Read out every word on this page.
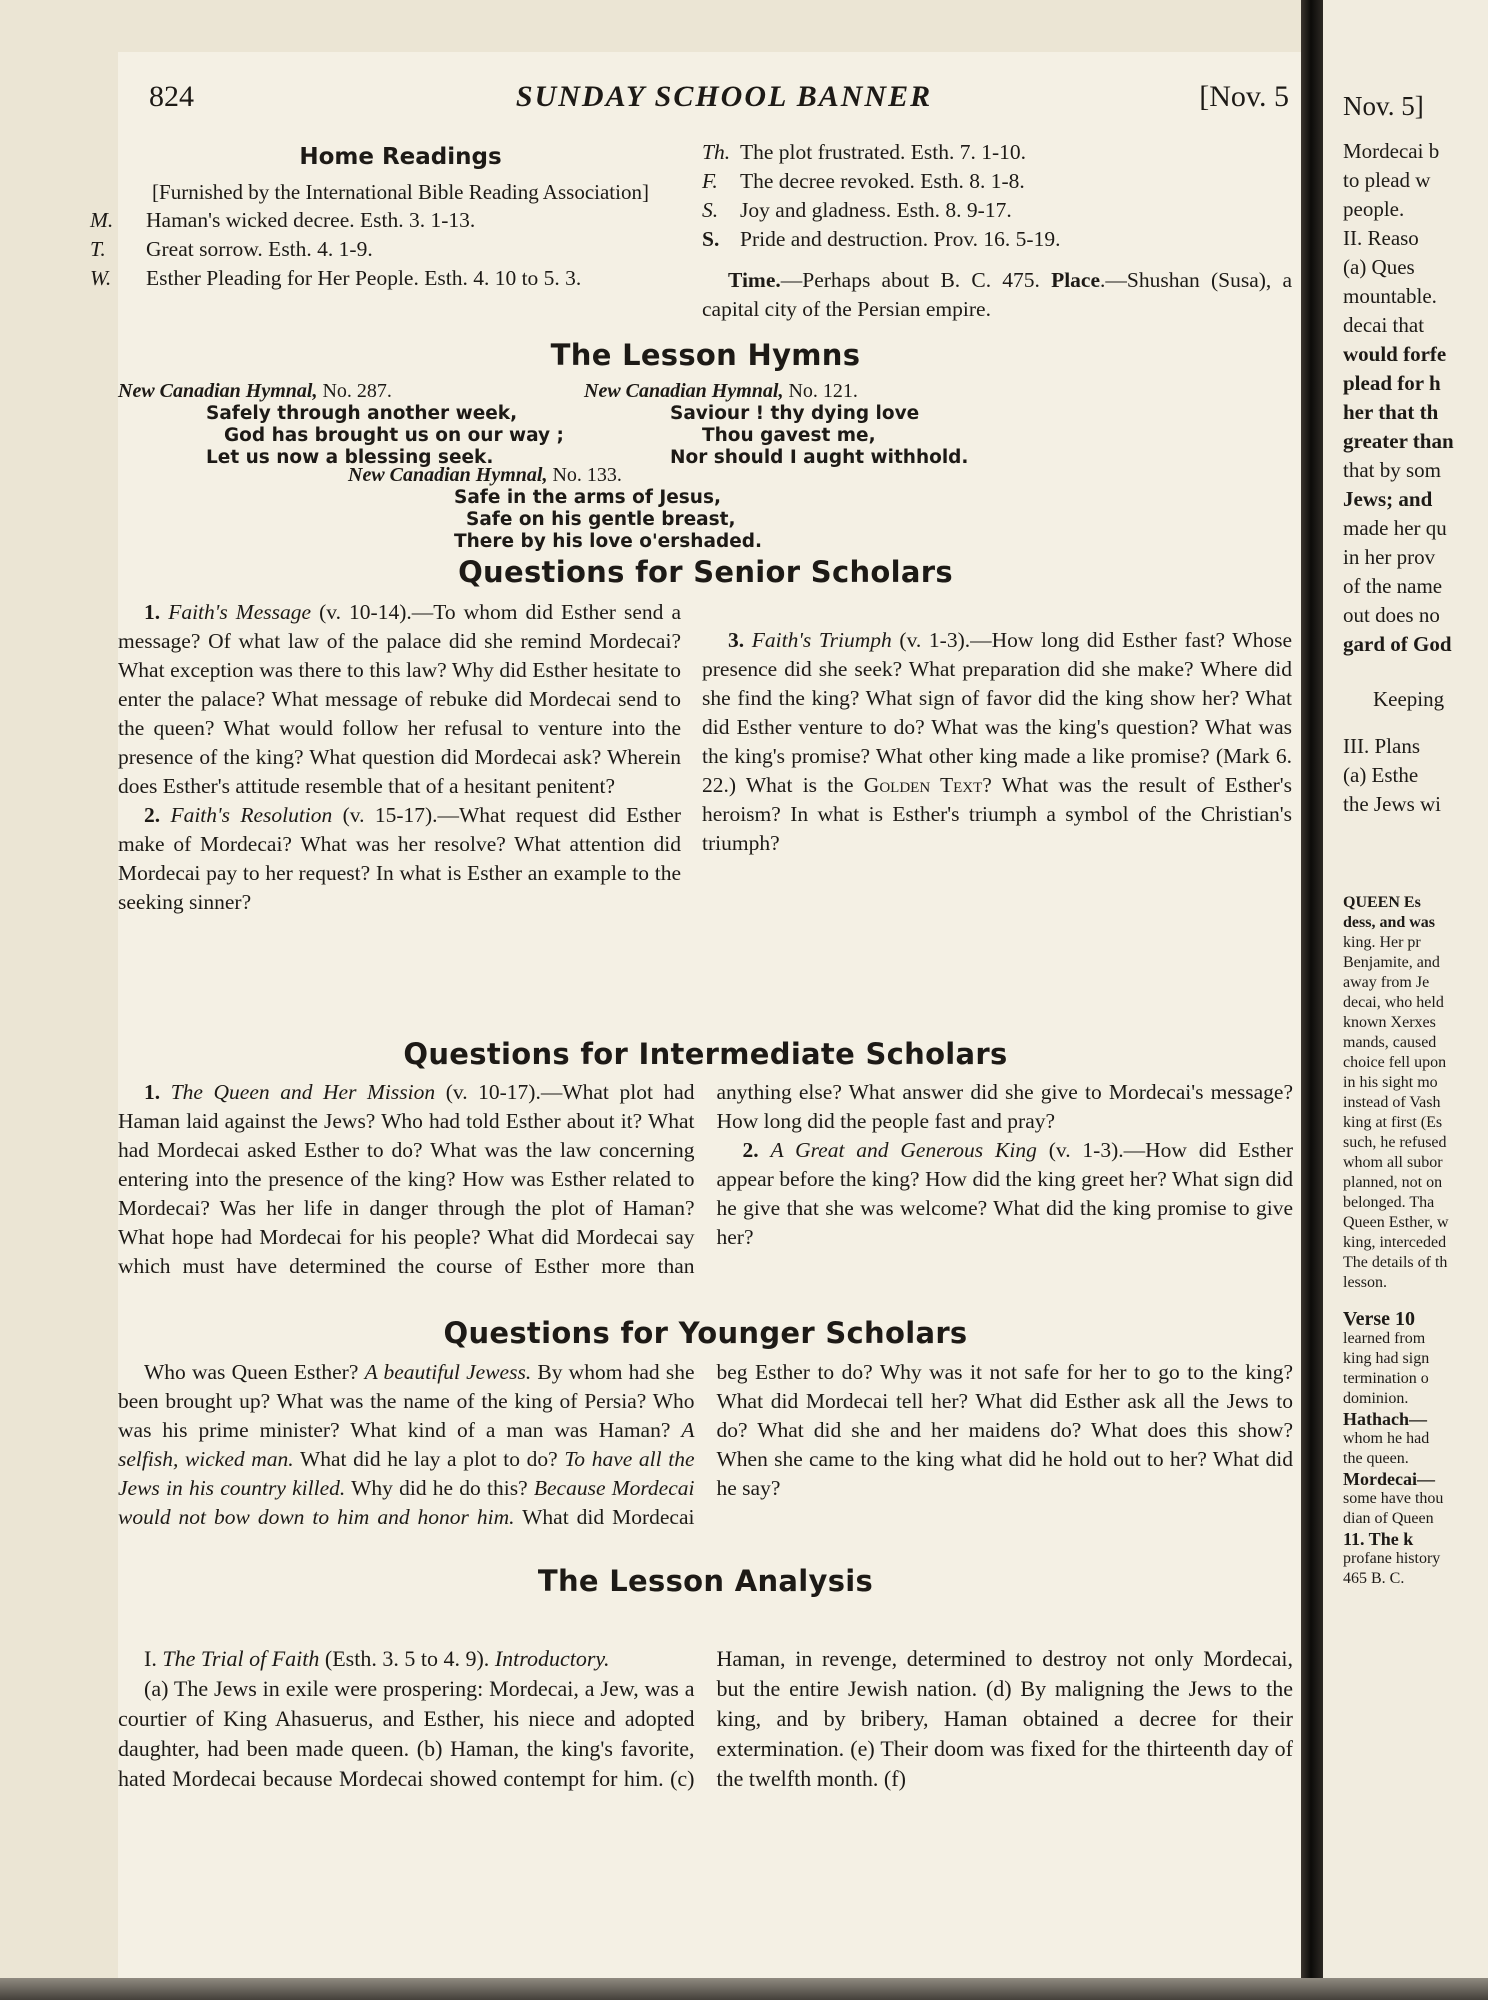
824	SUNDAY SCHOOL BANNER	[Nov. 5
Home Readings
[Furnished by the International Bible Reading Association]

M. Haman's wicked decree. Esth. 3. 1-13.

T. Great sorrow. Esth. 4. 1-9.

W. Esther Pleading for Her People. Esth. 4. 10 to 5. 3.

Th. The plot frustrated. Esth. 7. 1-10.

F. The decree revoked. Esth. 8. 1-8.

S. Joy and gladness. Esth. 8. 9-17.

S. Pride and destruction. Prov. 16. 5-19.

Time.—Perhaps about B. C. 475. Place.—Shushan (Susa), a capital city of the Persian empire.

The Lesson Hymns
New Canadian Hymnal, No. 287.
Safely through another week,
God has brought us on our way ;
Let us now a blessing seek.
New Canadian Hymnal, No. 121.
Saviour ! thy dying love
Thou gavest me,
Nor should I aught withhold.
New Canadian Hymnal, No. 133.
Safe in the arms of Jesus,
Safe on his gentle breast,
There by his love o'ershaded.
Questions for Senior Scholars

1. Faith's Message (v. 10-14).—To whom did Esther send a message? Of what law of the palace did she remind Mordecai? What exception was there to this law? Why did Esther hesitate to enter the palace? What message of rebuke did Mordecai send to the queen? What would follow her refusal to venture into the presence of the king? What question did Mordecai ask? Wherein does Esther's attitude resemble that of a hesitant penitent?

2. Faith's Resolution (v. 15-17).—What request did Esther make of Mordecai? What was her resolve? What attention did Mordecai pay to her request? In what is Esther an example to the seeking sinner?

3. Faith's Triumph (v. 1-3).—How long did Esther fast? Whose presence did she seek? What preparation did she make? Where did she find the king? What sign of favor did the king show her? What did Esther venture to do? What was the king's question? What was the king's promise? What other king made a like promise? (Mark 6. 22.) What is the Golden Text? What was the result of Esther's heroism? In what is Esther's triumph a symbol of the Christian's triumph?

Questions for Intermediate Scholars

1. The Queen and Her Mission (v. 10-17).—What plot had Haman laid against the Jews? Who had told Esther about it? What had Mordecai asked Esther to do? What was the law concerning entering into the presence of the king? How was Esther related to Mordecai? Was her life in danger through the plot of Haman? What hope had Mordecai for his people? What did Mordecai say which must have determined the course of Esther more than anything else? What answer did she give to Mordecai's message? How long did the people fast and pray?

2. A Great and Generous King (v. 1-3).—How did Esther appear before the king? How did the king greet her? What sign did he give that she was welcome? What did the king promise to give her?

Questions for Younger Scholars

Who was Queen Esther? A beautiful Jewess. By whom had she been brought up? What was the name of the king of Persia? Who was his prime minister? What kind of a man was Haman? A selfish, wicked man. What did he lay a plot to do? To have all the Jews in his country killed. Why did he do this? Because Mordecai would not bow down to him and honor him. What did Mordecai beg Esther to do? Why was it not safe for her to go to the king? What did Mordecai tell her? What did Esther ask all the Jews to do? What did she and her maidens do? What does this show? When she came to the king what did he hold out to her? What did he say?

The Lesson Analysis

I. The Trial of Faith (Esth. 3. 5 to 4. 9). Introductory.

(a) The Jews in exile were prospering: Mordecai, a Jew, was a courtier of King Ahasuerus, and Esther, his niece and adopted daughter, had been made queen. (b) Haman, the king's favorite, hated Mordecai because Mordecai showed contempt for him. (c) Haman, in revenge, determined to destroy not only Mordecai, but the entire Jewish nation. (d) By maligning the Jews to the king, and by bribery, Haman obtained a decree for their extermination. (e) Their doom was fixed for the thirteenth day of the twelfth month. (f)

Nov. 5]

Mordecai b

to plead w

people.

II. Reaso

(a) Ques

mountable.

decai that

would forfe

plead for h

her that th

greater than

that by som

Jews; and

made her qu

in her prov

of the name

out does no

gard of God

Keeping

III. Plans

(a) Esthe

the Jews wi

QUEEN Es

dess, and was

king. Her pr

Benjamite, and

away from Je

decai, who held

known Xerxes

mands, caused

choice fell upon

in his sight mo

instead of Vash

king at first (Es

such, he refused

whom all subor

planned, not on

belonged. Tha

Queen Esther, w

king, interceded

The details of th

lesson.

Verse 10

learned from

king had sign

termination o

dominion.

Hathach—

whom he had

the queen.

Mordecai—

some have thou

dian of Queen

11. The k

profane history

465 B. C.
